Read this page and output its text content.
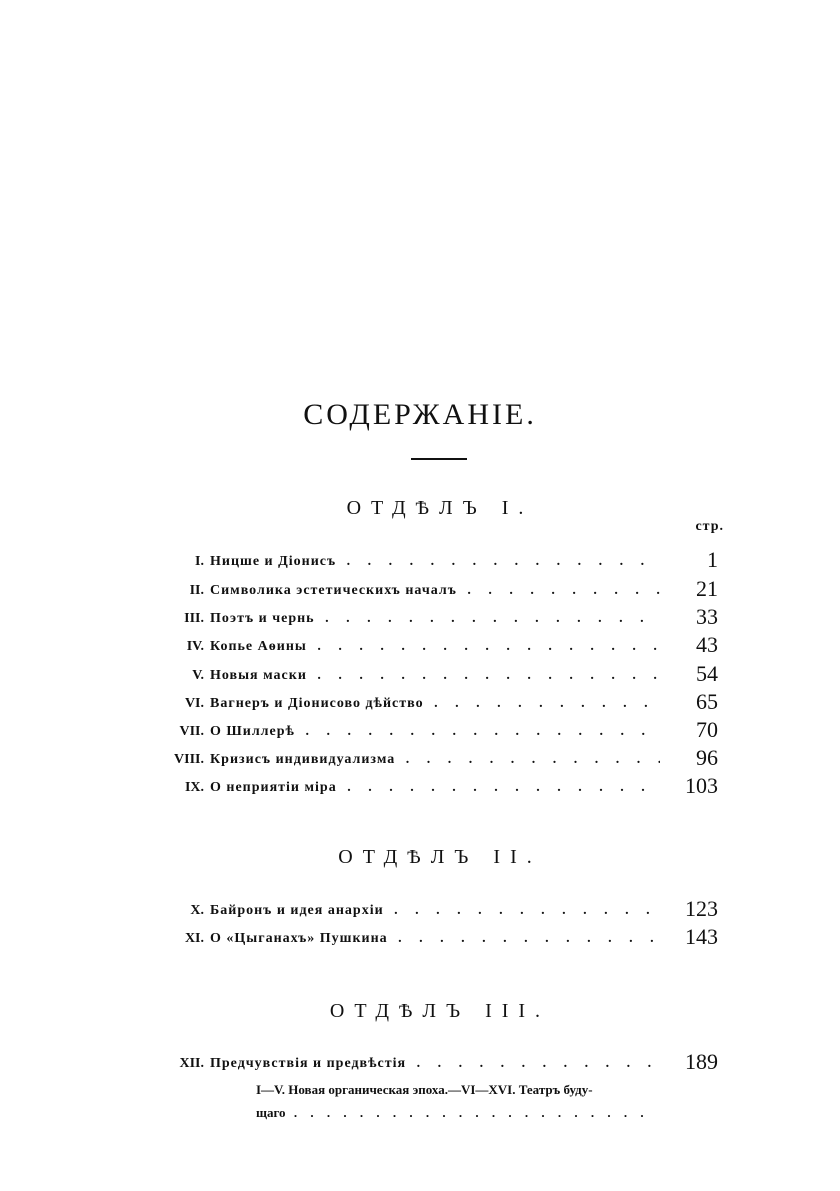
СОДЕРЖАНIЕ.
ОТДѢЛЪ I.
стр.
I. Ницше и Дiонисъ . . .	1
II. Символика эстетическихъ началъ . . .	21
III. Поэтъ и чернь . . .	33
IV. Копье Аѳины . . .	43
V. Новыя маски . . .	54
VI. Вагнеръ и Дiонисово дѣйство . . .	65
VII. О Шиллерѣ . . .	70
VIII. Кризисъ индивидуализма . . .	96
IX. О неприятiи мiра . . .	103
ОТДѢЛЪ II.
X. Байронъ и идея анархiи . . .	123
XI. О «Цыганахъ» Пушкина . . .	143
ОТДѢЛЪ III.
XII. Предчувствiя и предвѣстiя . . .	189
I—V. Новая органическая эпоха.—VI—XVI. Театръ буду-
щаго . . .
